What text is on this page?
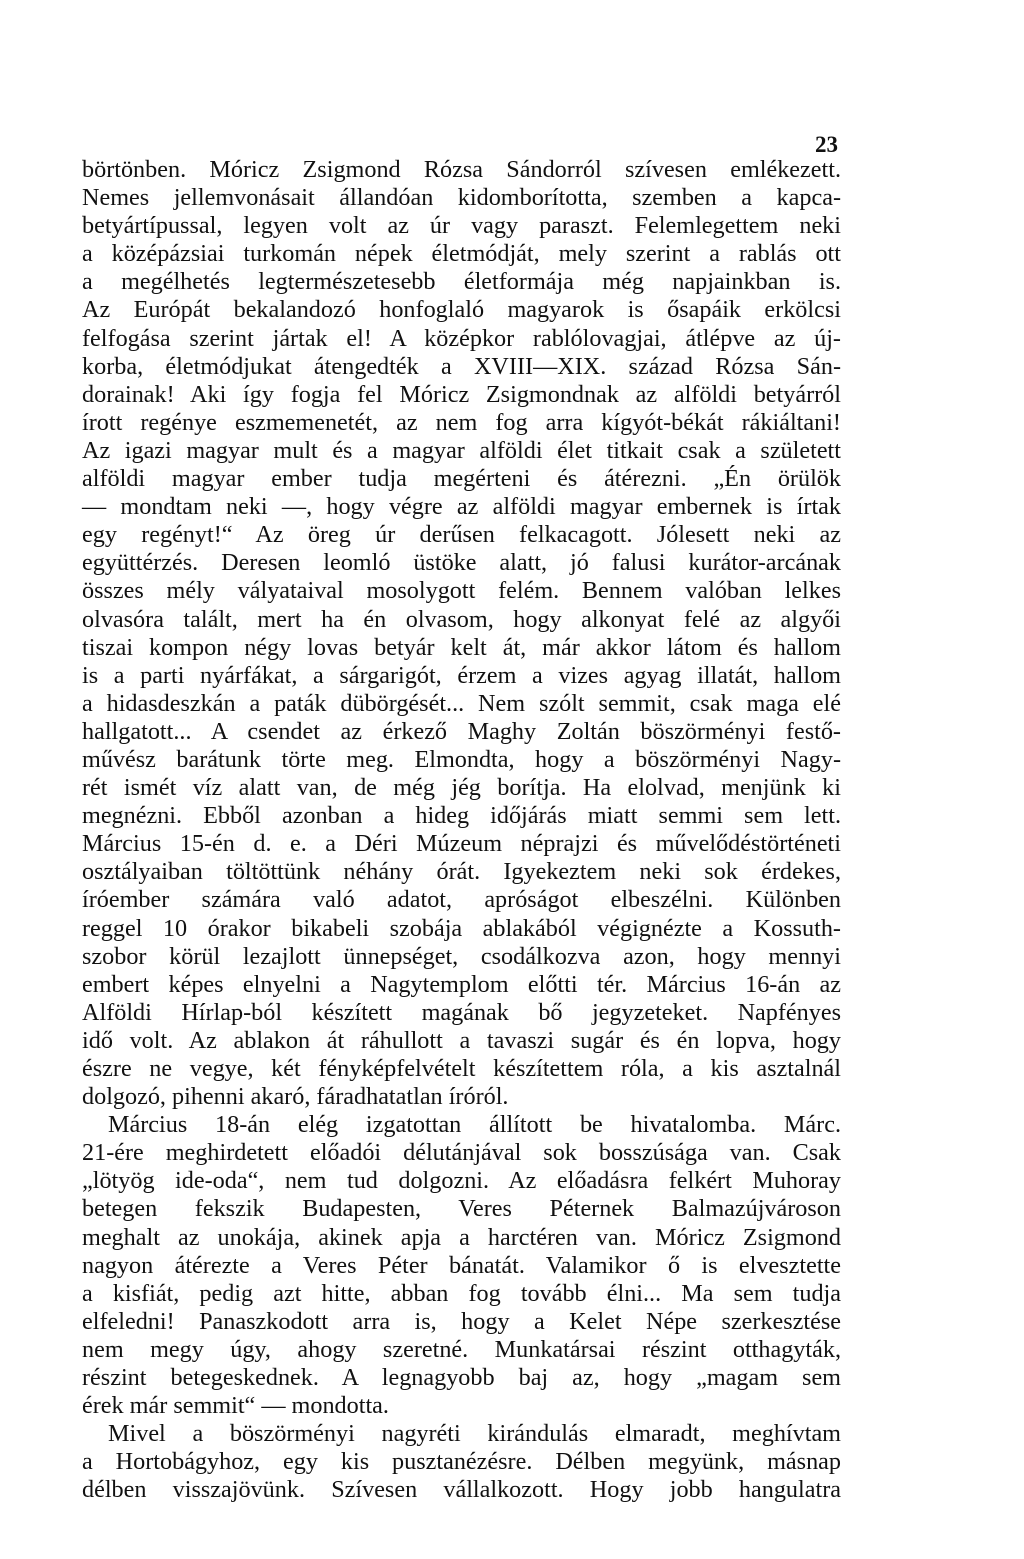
23
börtönben. Móricz Zsigmond Rózsa Sándorról szívesen emlékezett.
Nemes jellemvonásait állandóan kidomborította, szemben a kapca-
betyártípussal, legyen volt az úr vagy paraszt. Felemlegettem neki
a középázsiai turkomán népek életmódját, mely szerint a rablás ott
a megélhetés legtermészetesebb életformája még napjainkban is.
Az Európát bekalandozó honfoglaló magyarok is ősapáik erkölcsi
felfogása szerint jártak el! A középkor rablólovagjai, átlépve az új-
korba, életmódjukat átengedték a XVIII—XIX. század Rózsa Sán-
dorainak! Aki így fogja fel Móricz Zsigmondnak az alföldi betyárról
írott regénye eszmemenetét, az nem fog arra kígyót-békát rákiáltani!
Az igazi magyar mult és a magyar alföldi élet titkait csak a született
alföldi magyar ember tudja megérteni és átérezni. „Én örülök
— mondtam neki —, hogy végre az alföldi magyar embernek is írtak
egy regényt!“ Az öreg úr derűsen felkacagott. Jólesett neki az
együttérzés. Deresen leomló üstöke alatt, jó falusi kurátor-arcának
összes mély vályataival mosolygott felém. Bennem valóban lelkes
olvasóra talált, mert ha én olvasom, hogy alkonyat felé az algyői
tiszai kompon négy lovas betyár kelt át, már akkor látom és hallom
is a parti nyárfákat, a sárgarigót, érzem a vizes agyag illatát, hallom
a hidasdeszkán a paták dübörgését... Nem szólt semmit, csak maga elé
hallgatott... A csendet az érkező Maghy Zoltán böszörményi festő-
művész barátunk törte meg. Elmondta, hogy a böszörményi Nagy-
rét ismét víz alatt van, de még jég borítja. Ha elolvad, menjünk ki
megnézni. Ebből azonban a hideg időjárás miatt semmi sem lett.
Március 15-én d. e. a Déri Múzeum néprajzi és művelődéstörténeti
osztályaiban töltöttünk néhány órát. Igyekeztem neki sok érdekes,
íróember számára való adatot, apróságot elbeszélni. Különben
reggel 10 órakor bikabeli szobája ablakából végignézte a Kossuth-
szobor körül lezajlott ünnepséget, csodálkozva azon, hogy mennyi
embert képes elnyelni a Nagytemplom előtti tér. Március 16-án az
Alföldi Hírlap-ból készített magának bő jegyzeteket. Napfényes
idő volt. Az ablakon át ráhullott a tavaszi sugár és én lopva, hogy
észre ne vegye, két fényképfelvételt készítettem róla, a kis asztalnál
dolgozó, pihenni akaró, fáradhatatlan íróról.
Március 18-án elég izgatottan állított be hivatalomba. Márc.
21-ére meghirdetett előadói délutánjával sok bosszúsága van. Csak
„lötyög ide-oda“, nem tud dolgozni. Az előadásra felkért Muhoray
betegen fekszik Budapesten, Veres Péternek Balmazújvároson
meghalt az unokája, akinek apja a harctéren van. Móricz Zsigmond
nagyon átérezte a Veres Péter bánatát. Valamikor ő is elvesztette
a kisfiát, pedig azt hitte, abban fog tovább élni... Ma sem tudja
elfeledni! Panaszkodott arra is, hogy a Kelet Népe szerkesztése
nem megy úgy, ahogy szeretné. Munkatársai részint otthagyták,
részint betegeskednek. A legnagyobb baj az, hogy „magam sem
érek már semmit“ — mondotta.
Mivel a böszörményi nagyréti kirándulás elmaradt, meghívtam
a Hortobágyhoz, egy kis pusztanézésre. Délben megyünk, másnap
délben visszajövünk. Szívesen vállalkozott. Hogy jobb hangulatra
